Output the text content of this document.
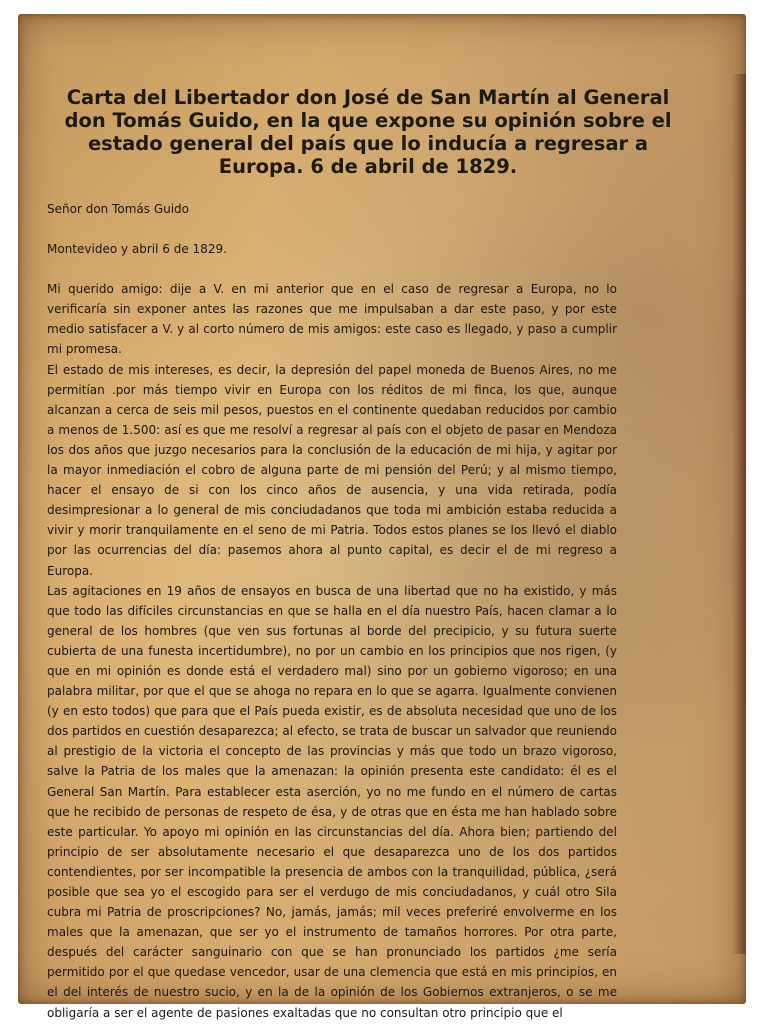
Carta del Libertador don José de San Martín al General don Tomás Guido, en la que expone su opinión sobre el estado general del país que lo inducía a regresar a Europa. 6 de abril de 1829.

Señor don Tomás Guido

Montevideo y abril 6 de 1829.

Mi querido amigo: dije a V. en mi anterior que en el caso de regresar a Europa, no lo verificaría sin exponer antes las razones que me impulsaban a dar este paso, y por este medio satisfacer a V. y al corto número de mis amigos: este caso es llegado, y paso a cumplir mi promesa.

El estado de mis intereses, es decir, la depresión del papel moneda de Buenos Aires, no me permitían .por más tiempo vivir en Europa con los réditos de mi finca, los que, aunque alcanzan a cerca de seis mil pesos, puestos en el continente quedaban reducidos por cambio a menos de 1.500: así es que me resolví a regresar al país con el objeto de pasar en Mendoza los dos años que juzgo necesarios para la conclusión de la educación de mi hija, y agitar por la mayor inmediación el cobro de alguna parte de mi pensión del Perú; y al mismo tiempo, hacer el ensayo de si con los cinco años de ausencia, y una vida retirada, podía desimpresionar a lo general de mis conciudadanos que toda mi ambición estaba reducida a vivir y morir tranquilamente en el seno de mi Patria. Todos estos planes se los llevó el diablo por las ocurrencias del día: pasemos ahora al punto capital, es decir el de mi regreso a Europa.

Las agitaciones en 19 años de ensayos en busca de una libertad que no ha existido, y más que todo las difíciles circunstancias en que se halla en el día nuestro País, hacen clamar a lo general de los hombres (que ven sus fortunas al borde del precipicio, y su futura suerte cubierta de una funesta incertidumbre), no por un cambio en los principios que nos rigen, (y que en mi opinión es donde está el verdadero mal) sino por un gobierno vigoroso; en una palabra militar, por que el que se ahoga no repara en lo que se agarra. Igualmente convienen (y en esto todos) que para que el País pueda existir, es de absoluta necesidad que uno de los dos partidos en cuestión desaparezca; al efecto, se trata de buscar un salvador que reuniendo al prestigio de la victoria el concepto de las provincias y más que todo un brazo vigoroso, salve la Patria de los males que la amenazan: la opinión presenta este candidato: él es el General San Martín. Para establecer esta aserción, yo no me fundo en el número de cartas que he recibido de personas de respeto de ésa, y de otras que en ésta me han hablado sobre este particular. Yo apoyo mi opinión en las circunstancias del día. Ahora bien; partiendo del principio de ser absolutamente necesario el que desaparezca uno de los dos partidos contendientes, por ser incompatible la presencia de ambos con la tranquilidad, pública, ¿será posible que sea yo el escogido para ser el verdugo de mis conciudadanos, y cuál otro Sila cubra mi Patria de proscripciones? No, jamás, jamás; mil veces preferiré envolverme en los males que la amenazan, que ser yo el instrumento de tamaños horrores. Por otra parte, después del carácter sanguinario con que se han pronunciado los partidos ¿me sería permitido por el que quedase vencedor, usar de una clemencia que está en mis principios, en el del interés de nuestro sucio, y en la de la opinión de los Gobiernos extranjeros, o se me obligaría a ser el agente de pasiones exaltadas que no consultan otro principio que el
